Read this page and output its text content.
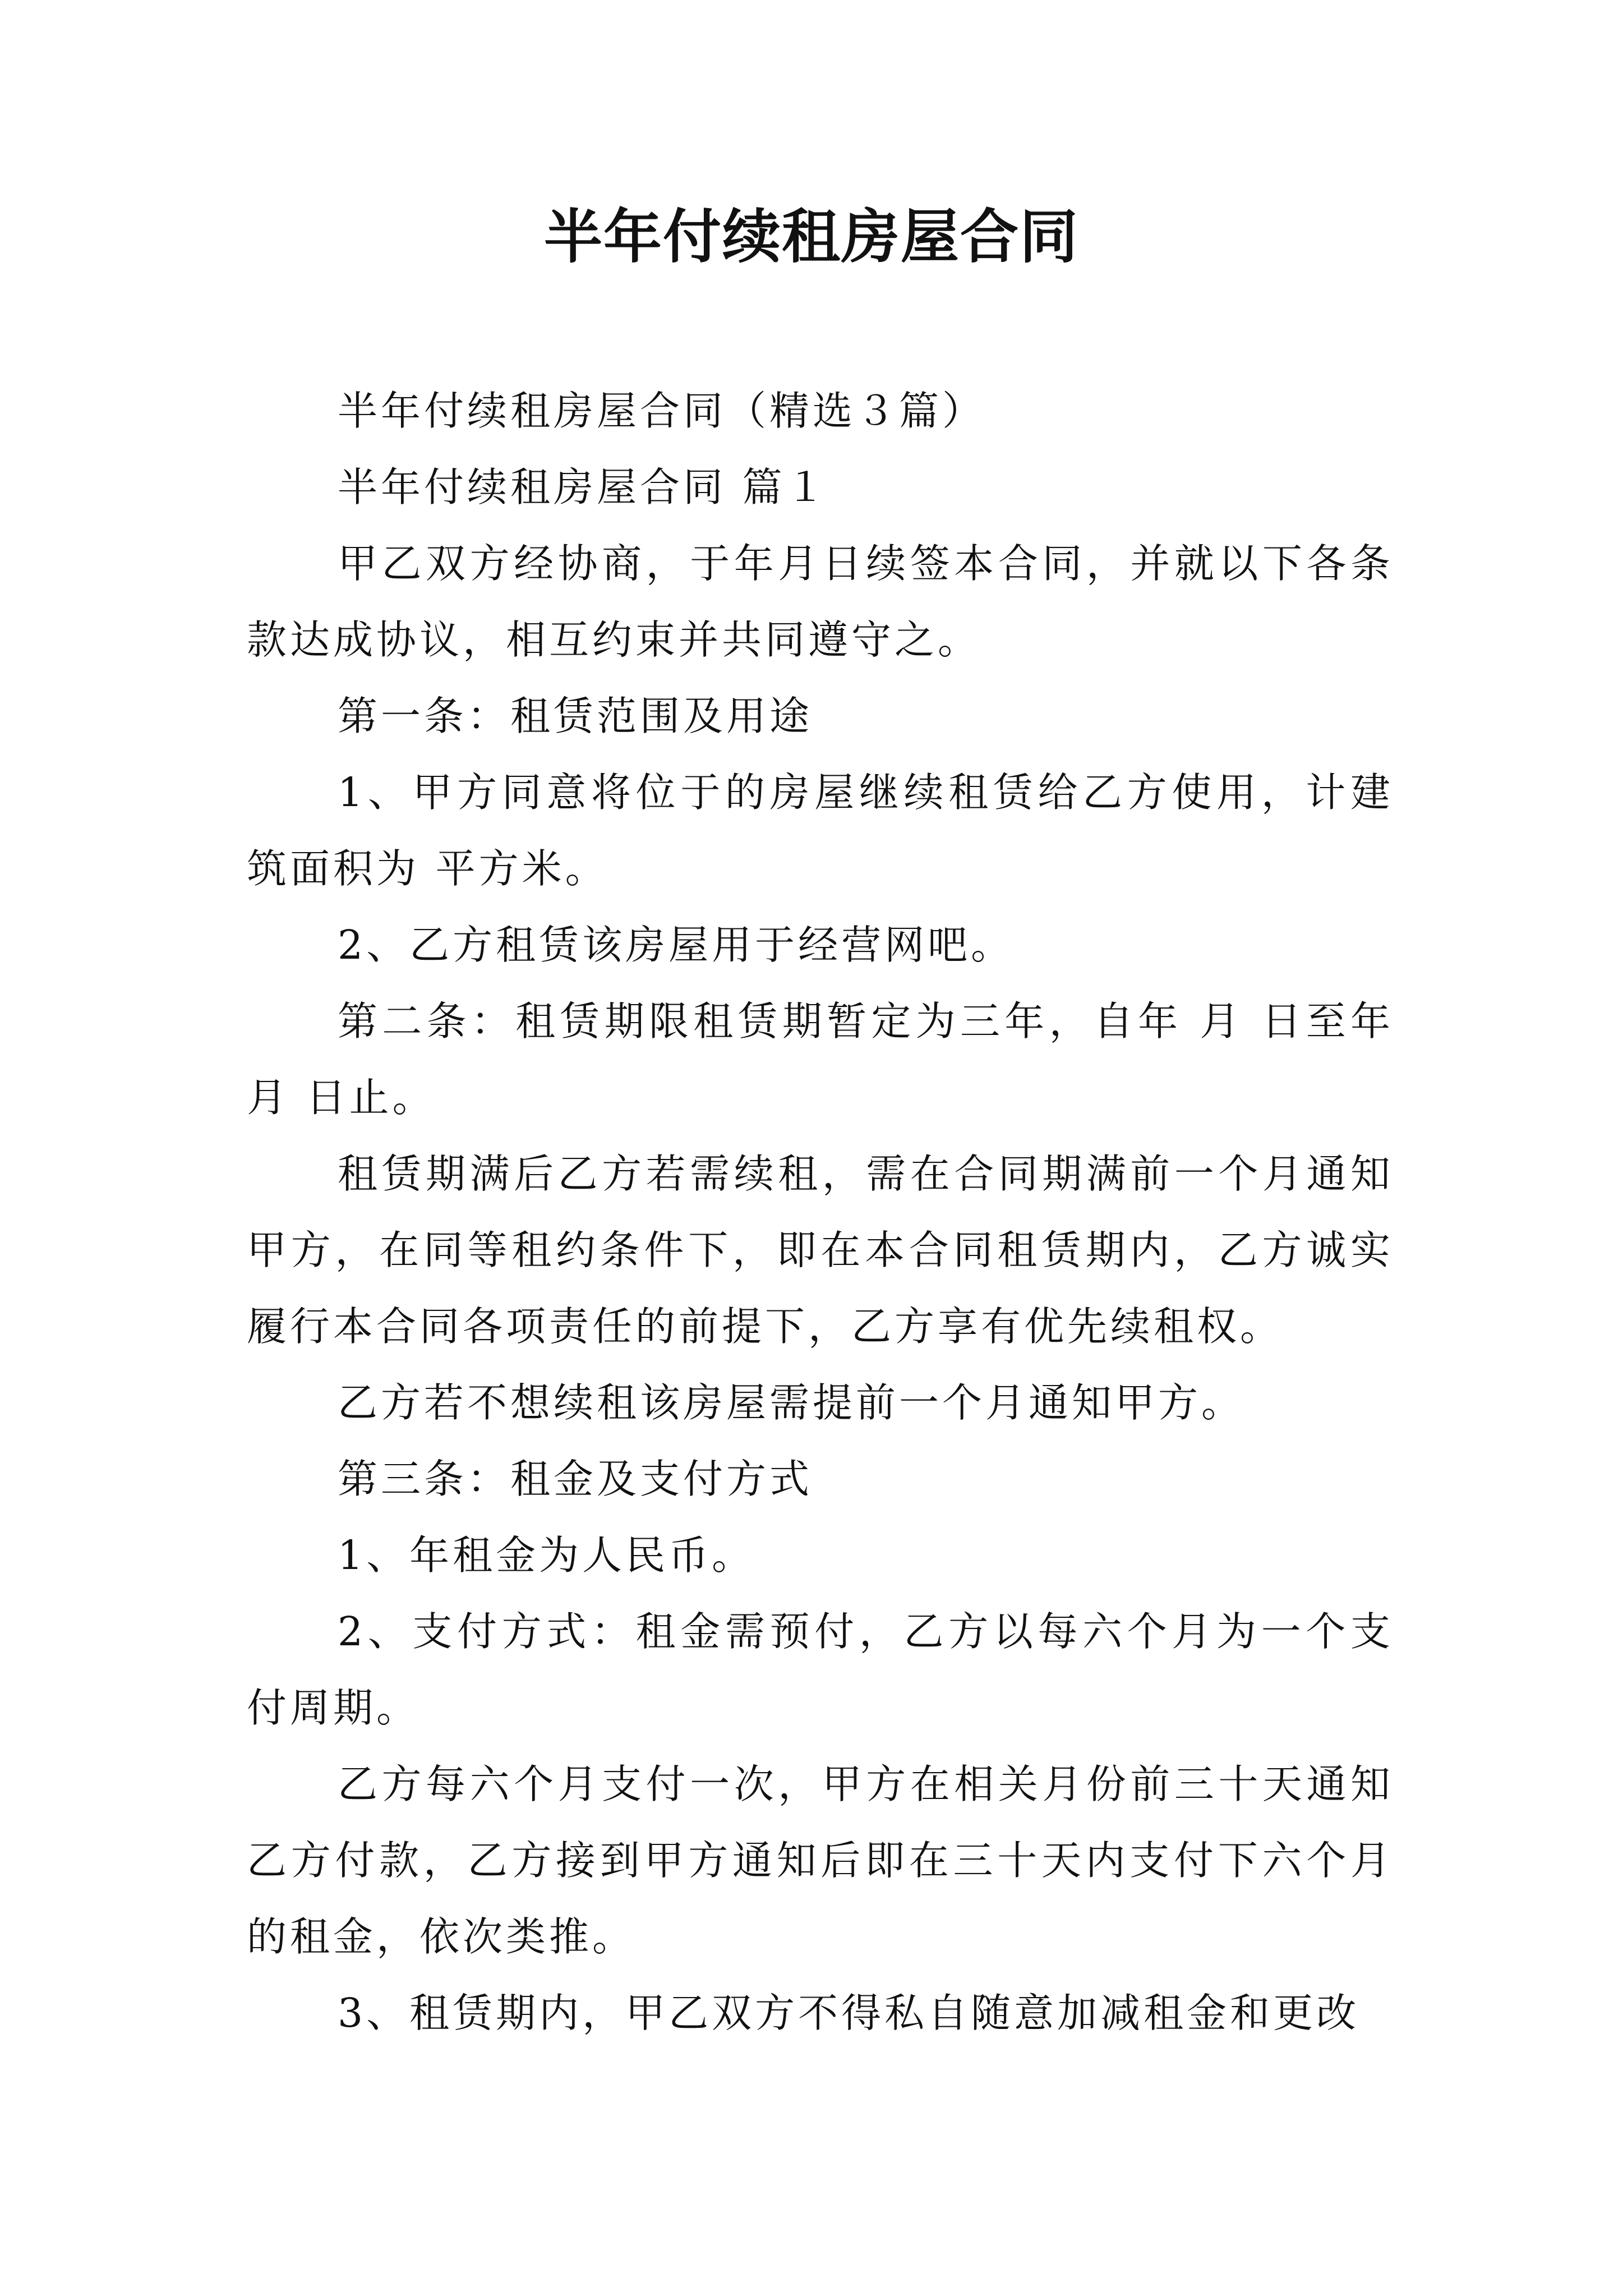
半年付续租房屋合同

半年付续租房屋合同（精选３篇）

半年付续租房屋合同 篇１

甲乙双方经协商，于年月日续签本合同，并就以下各条款达成协议，相互约束并共同遵守之。

第一条：租赁范围及用途

1、甲方同意将位于的房屋继续租赁给乙方使用，计建筑面积为 平方米。

2、乙方租赁该房屋用于经营网吧。

第二条：租赁期限租赁期暂定为三年，自年 月 日至年月 日止。

租赁期满后乙方若需续租，需在合同期满前一个月通知甲方，在同等租约条件下，即在本合同租赁期内，乙方诚实履行本合同各项责任的前提下，乙方享有优先续租权。

乙方若不想续租该房屋需提前一个月通知甲方。

第三条：租金及支付方式

1、年租金为人民币。

2、支付方式：租金需预付，乙方以每六个月为一个支付周期。

乙方每六个月支付一次，甲方在相关月份前三十天通知乙方付款，乙方接到甲方通知后即在三十天内支付下六个月的租金，依次类推。

3、租赁期内，甲乙双方不得私自随意加减租金和更改
